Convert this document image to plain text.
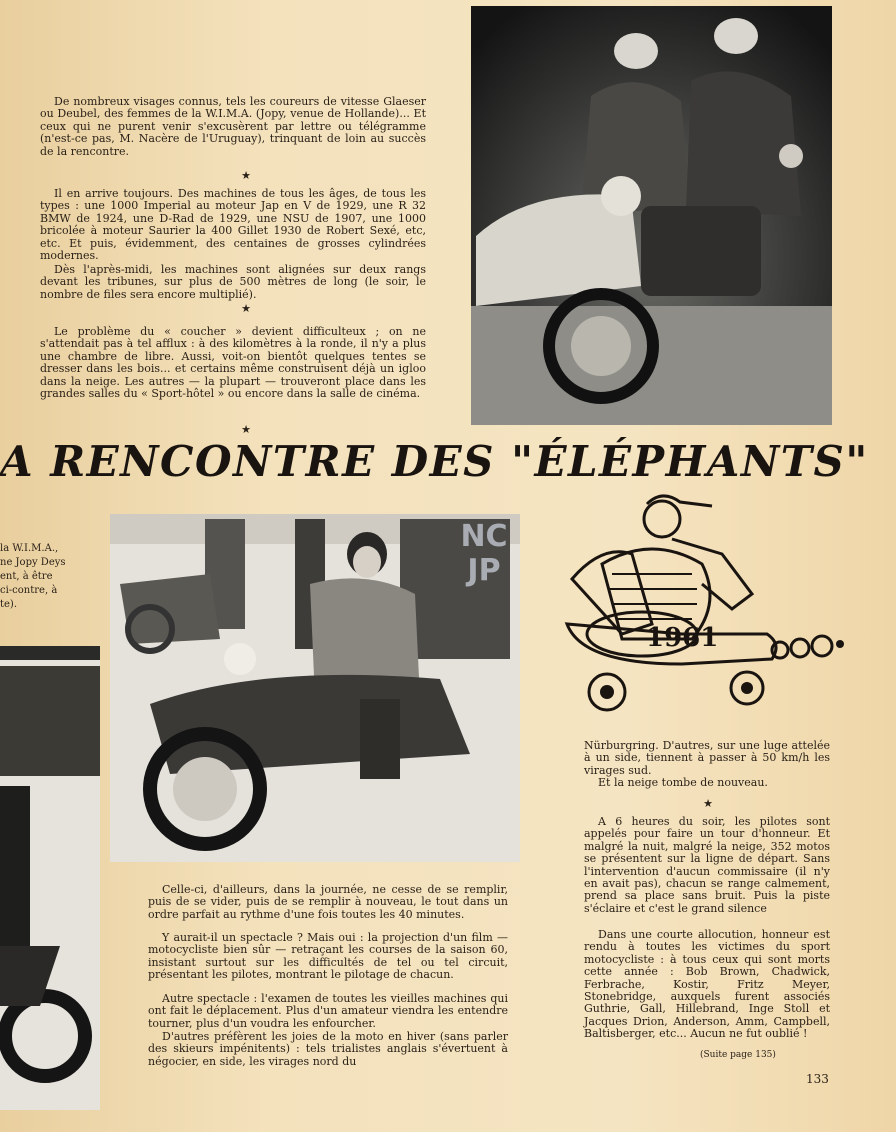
De nombreux visages connus, tels les coureurs de vitesse Glaeser ou Deubel, des femmes de la W.I.M.A. (Jopy, venue de Hollande)... Et ceux qui ne purent venir s'excusèrent par lettre ou télégramme (n'est-ce pas, M. Nacère de l'Uruguay), trinquant de loin au succès de la rencontre.

★

Il en arrive toujours. Des machines de tous les âges, de tous les types : une 1000 Imperial au moteur Jap en V de 1929, une R 32 BMW de 1924, une D-Rad de 1929, une NSU de 1907, une 1000 bricolée à moteur Saurier la 400 Gillet 1930 de Robert Sexé, etc, etc. Et puis, évidemment, des centaines de grosses cylindrées modernes.

Dès l'après-midi, les machines sont alignées sur deux rangs devant les tribunes, sur plus de 500 mètres de long (le soir, le nombre de files sera encore multiplié).

★

Le problème du « coucher » devient difficulteux ; on ne s'attendait pas à tel afflux : à des kilomètres à la ronde, il n'y a plus une chambre de libre. Aussi, voit-on bientôt quelques tentes se dresser dans les bois... et certains même construisent déjà un igloo dans la neige. Les autres — la plupart — trouveront place dans les grandes salles du « Sport-hôtel » ou encore dans la salle de cinéma.

★
A RENCONTRE DES "ÉLÉPHANTS"
la W.I.M.A.,
ne Jopy Deys
ent, à être
ci-contre, à
te).
NC JP
1961

Celle-ci, d'ailleurs, dans la journée, ne cesse de se remplir, puis de se vider, puis de se remplir à nouveau, le tout dans un ordre parfait au rythme d'une fois toutes les 40 minutes.

Y aurait-il un spectacle ? Mais oui : la projection d'un film — motocycliste bien sûr — retraçant les courses de la saison 60, insistant surtout sur les difficultés de tel ou tel circuit, présentant les pilotes, montrant le pilotage de chacun.

Autre spectacle : l'examen de toutes les vieilles machines qui ont fait le déplacement. Plus d'un amateur viendra les entendre tourner, plus d'un voudra les enfourcher.

D'autres préfèrent les joies de la moto en hiver (sans parler des skieurs impénitents) : tels trialistes anglais s'évertuent à négocier, en side, les virages nord du

Nürburgring. D'autres, sur une luge attelée à un side, tiennent à passer à 50 km/h les virages sud.

Et la neige tombe de nouveau.

★

A 6 heures du soir, les pilotes sont appelés pour faire un tour d'honneur. Et malgré la nuit, malgré la neige, 352 motos se présentent sur la ligne de départ. Sans l'intervention d'aucun commissaire (il n'y en avait pas), chacun se range calmement, prend sa place sans bruit. Puis la piste s'éclaire et c'est le grand silence

Dans une courte allocution, honneur est rendu à toutes les victimes du sport motocycliste : à tous ceux qui sont morts cette année : Bob Brown, Chadwick, Ferbrache, Kostir, Fritz Meyer, Stonebridge, auxquels furent associés Guthrie, Gall, Hillebrand, Inge Stoll et Jacques Drion, Anderson, Amm, Campbell, Baltisberger, etc... Aucun ne fut oublié !

(Suite page 135)

133
